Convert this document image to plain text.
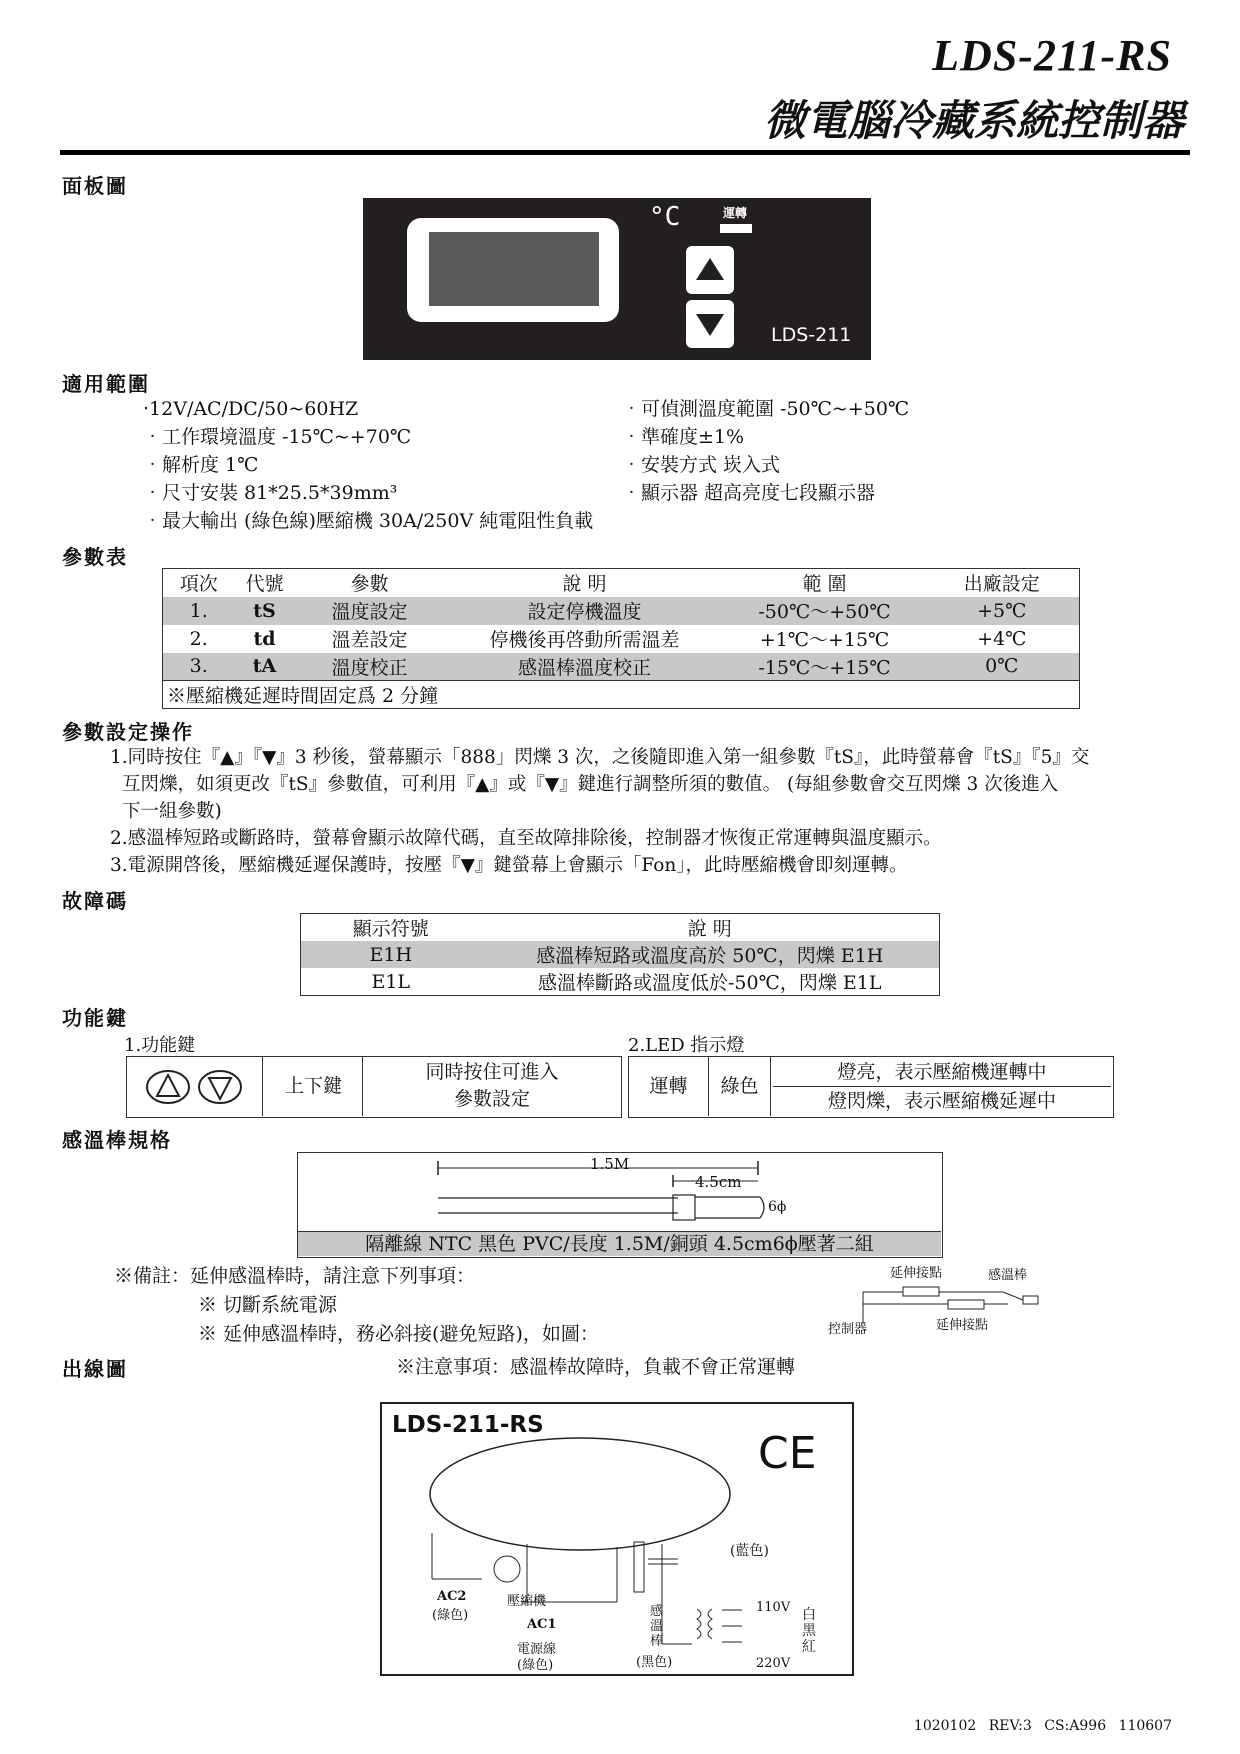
LDS-211-RS
微電腦冷藏系統控制器
面板圖
°C	運轉
LDS-211
適用範圍
‧12V/AC/DC/50~60HZ
‧工作環境溫度 -15℃~+70℃
‧解析度 1℃
‧尺寸安裝 81*25.5*39mm³
‧最大輸出 (綠色線)壓縮機 30A/250V 純電阻性負載
‧可偵測溫度範圍 -50℃~+50℃
‧準確度±1%
‧安裝方式 崁入式
‧顯示器 超高亮度七段顯示器
參數表
項次	代號	參數	說 明	範 圍	出廠設定
1.	tS	溫度設定	設定停機溫度	-50℃～+50℃	+5℃
2.	td	溫差設定	停機後再啓動所需溫差	+1℃～+15℃	+4℃
3.	tA	溫度校正	感溫棒溫度校正	-15℃～+15℃	0℃
※壓縮機延遲時間固定爲 2 分鐘					
參數設定操作
1.同時按住『▲』『▼』3 秒後，螢幕顯示「888」閃爍 3 次，之後隨即進入第一組參數『tS』，此時螢幕會『tS』『5』交
互閃爍，如須更改『tS』參數值，可利用『▲』或『▼』鍵進行調整所須的數值。 (每組參數會交互閃爍 3 次後進入
下一組參數)
2.感溫棒短路或斷路時，螢幕會顯示故障代碼，直至故障排除後，控制器才恢復正常運轉與溫度顯示。
3.電源開啓後，壓縮機延遲保護時，按壓『▼』鍵螢幕上會顯示「Fon」，此時壓縮機會即刻運轉。
故障碼
顯示符號	說 明
E1H	感溫棒短路或溫度高於 50℃，閃爍 E1H
E1L	感溫棒斷路或溫度低於-50℃，閃爍 E1L
功能鍵
1.功能鍵	2.LED 指示燈
上下鍵
同時按住可進入
參數設定
運轉	綠色
燈亮，表示壓縮機運轉中
燈閃爍，表示壓縮機延遲中
感溫棒規格
1.5M
4.5cm
6ϕ
隔離線 NTC 黑色 PVC/長度 1.5M/銅頭 4.5cm6ϕ壓著二組
※備註：延伸感溫棒時，請注意下列事項：
※ 切斷系統電源
※ 延伸感溫棒時，務必斜接(避免短路)，如圖：
延伸接點	感溫棒
控制器	延伸接點
出線圖	※注意事項：感溫棒故障時，負載不會正常運轉
LDS-211-RS
CE
(藍色)
AC2
(綠色)
壓縮機
AC1
電源線
(綠色)
感
溫
棒
(黑色)
110V
220V
白
黑
紅
1020102 REV:3 CS:A996 110607
